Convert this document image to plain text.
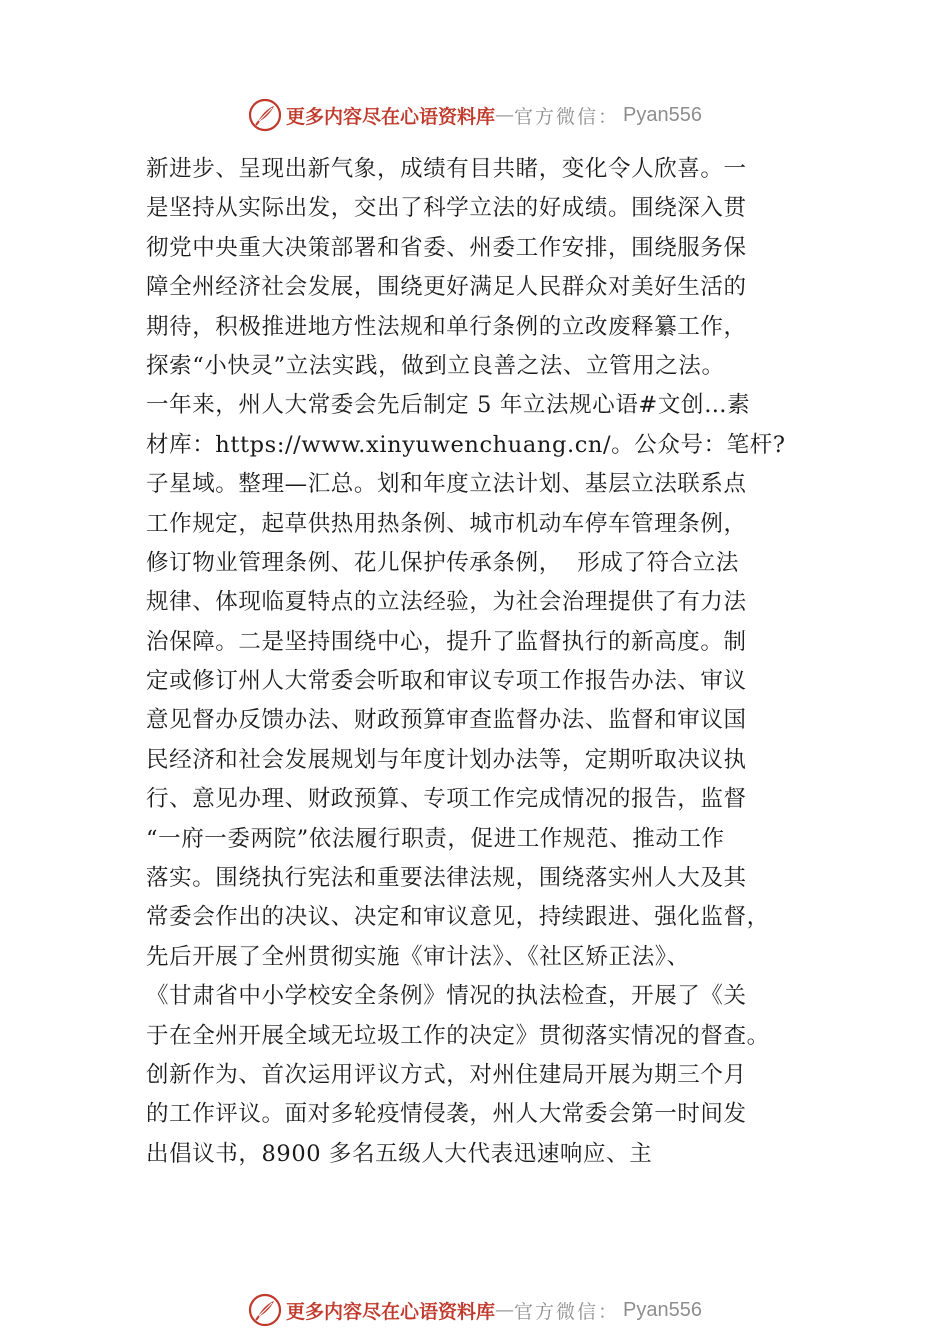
更多内容尽在心语资料库 — 官方微信： Pyan556
新进步、呈现出新气象，成绩有目共睹，变化令人欣喜。一
是坚持从实际出发，交出了科学立法的好成绩。围绕深入贯
彻党中央重大决策部署和省委、州委工作安排，围绕服务保
障全州经济社会发展，围绕更好满足人民群众对美好生活的
期待，积极推进地方性法规和单行条例的立改废释纂工作，
探索“小快灵”立法实践，做到立良善之法、立管用之法。
一年来，州人大常委会先后制定 5 年立法规心语#文创…素
材库：https://www.xinyuwenchuang.cn/。公众号：笔杆?
子星域。整理—汇总。划和年度立法计划、基层立法联系点
工作规定，起草供热用热条例、城市机动车停车管理条例，
修订物业管理条例、花儿保护传承条例，  形成了符合立法
规律、体现临夏特点的立法经验，为社会治理提供了有力法
治保障。二是坚持围绕中心，提升了监督执行的新高度。制
定或修订州人大常委会听取和审议专项工作报告办法、审议
意见督办反馈办法、财政预算审查监督办法、监督和审议国
民经济和社会发展规划与年度计划办法等，定期听取决议执
行、意见办理、财政预算、专项工作完成情况的报告，监督
“一府一委两院”依法履行职责，促进工作规范、推动工作
落实。围绕执行宪法和重要法律法规，围绕落实州人大及其
常委会作出的决议、决定和审议意见，持续跟进、强化监督，
先后开展了全州贯彻实施《审计法》、《社区矫正法》、
《甘肃省中小学校安全条例》情况的执法检查，开展了《关
于在全州开展全域无垃圾工作的决定》贯彻落实情况的督查。
创新作为、首次运用评议方式，对州住建局开展为期三个月
的工作评议。面对多轮疫情侵袭，州人大常委会第一时间发
出倡议书，8900 多名五级人大代表迅速响应、主
更多内容尽在心语资料库 — 官方微信： Pyan556
